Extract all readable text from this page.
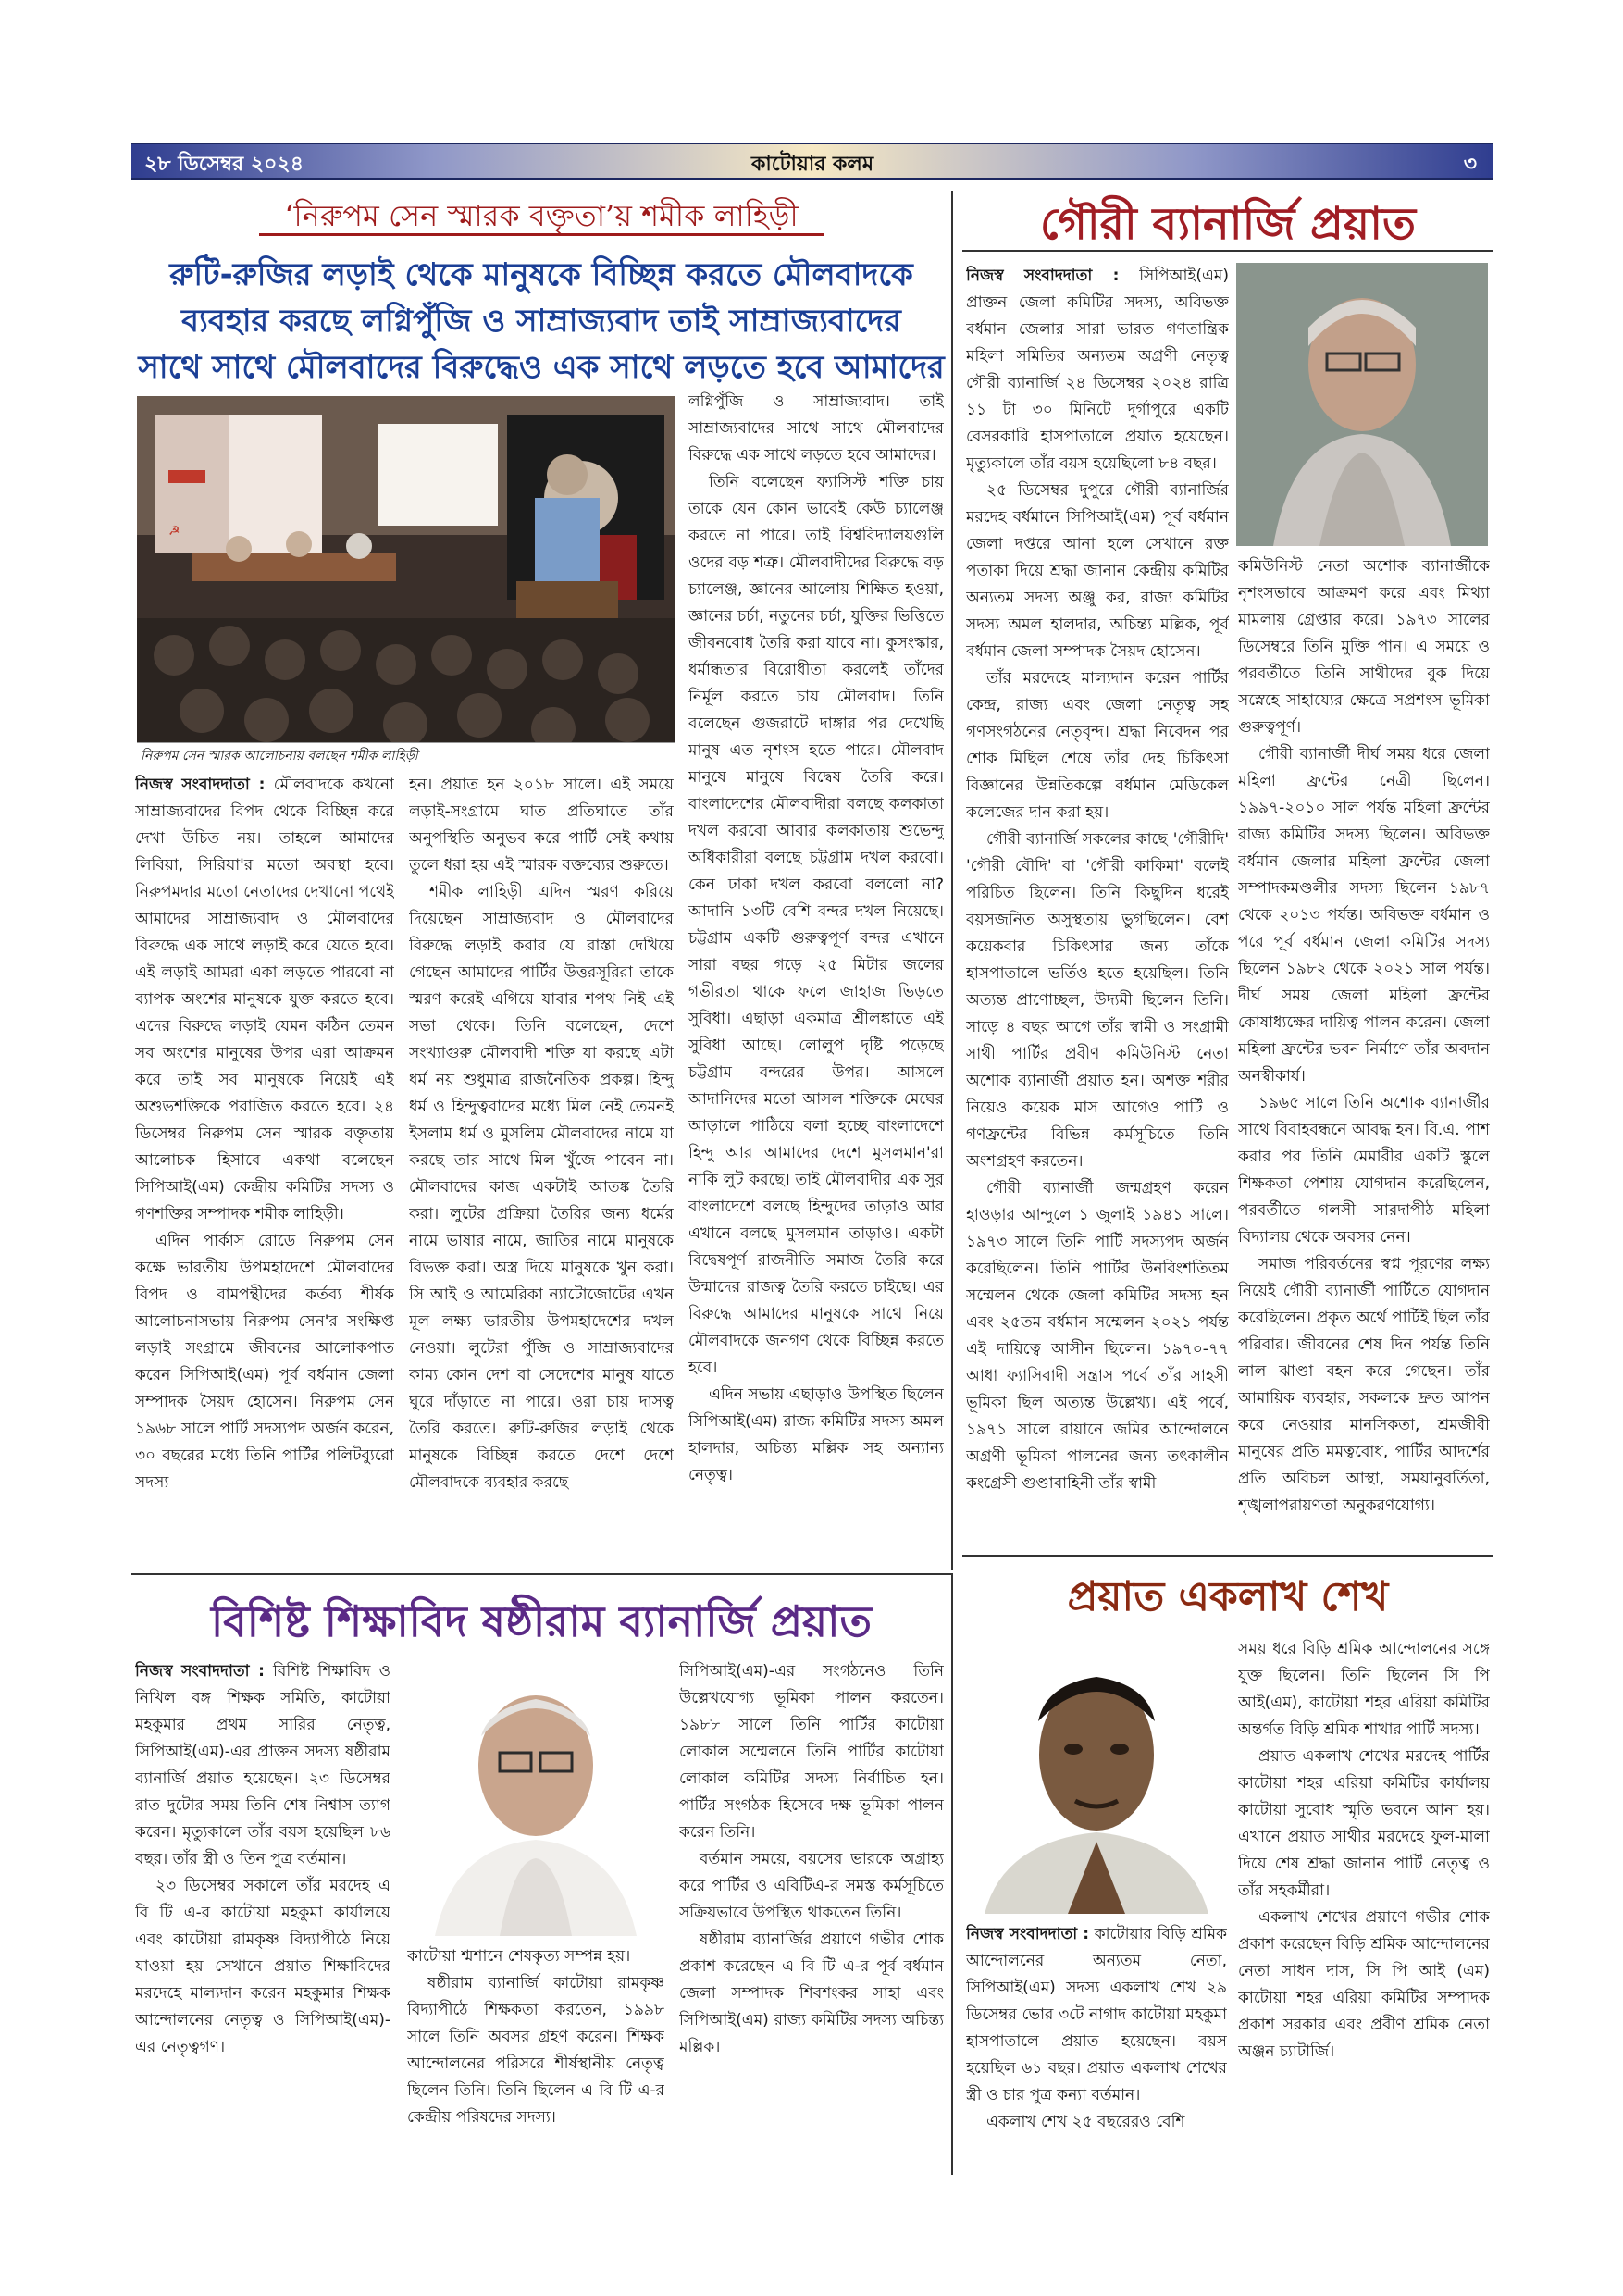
২৮ ডিসেম্বর ২০২৪	কাটোয়ার কলম	৩
‘নিরুপম সেন স্মারক বক্তৃতা’য় শমীক লাহিড়ী
রুটি-রুজির লড়াই থেকে মানুষকে বিচ্ছিন্ন করতে মৌলবাদকে
ব্যবহার করছে লগ্নিপুঁজি ও সাম্রাজ্যবাদ তাই সাম্রাজ্যবাদের
সাথে সাথে মৌলবাদের বিরুদ্ধেও এক সাথে লড়তে হবে আমাদের
☭
নিরুপম সেন স্মারক আলোচনায় বলছেন শমীক লাহিড়ী

নিজস্ব সংবাদদাতা : মৌলবাদকে কখনো সাম্রাজ্যবাদের বিপদ থেকে বিচ্ছিন্ন করে দেখা উচিত নয়। তাহলে আমাদের লিবিয়া, সিরিয়া'র মতো অবস্থা হবে। নিরুপমদার মতো নেতাদের দেখানো পথেই আমাদের সাম্রাজ্যবাদ ও মৌলবাদের বিরুদ্ধে এক সাথে লড়াই করে যেতে হবে। এই লড়াই আমরা একা লড়তে পারবো না ব্যাপক অংশের মানুষকে যুক্ত করতে হবে। এদের বিরুদ্ধে লড়াই যেমন কঠিন তেমন সব অংশের মানুষের উপর এরা আক্রমন করে তাই সব মানুষকে নিয়েই এই অশুভশক্তিকে পরাজিত করতে হবে। ২৪ ডিসেম্বর নিরুপম সেন স্মারক বক্তৃতায় আলোচক হিসাবে একথা বলেছেন সিপিআই(এম) কেন্দ্রীয় কমিটির সদস্য ও গণশক্তির সম্পাদক শমীক লাহিড়ী।

এদিন পার্কাস রোডে নিরুপম সেন কক্ষে ভারতীয় উপমহাদেশে মৌলবাদের বিপদ ও বামপন্থীদের কর্তব্য শীর্ষক আলোচনাসভায় নিরুপম সেন'র সংক্ষিপ্ত লড়াই সংগ্রামে জীবনের আলোকপাত করেন সিপিআই(এম) পূর্ব বর্ধমান জেলা সম্পাদক সৈয়দ হোসেন। নিরুপম সেন ১৯৬৮ সালে পার্টি সদস্যপদ অর্জন করেন, ৩০ বছরের মধ্যে তিনি পার্টির পলিটব্যুরো সদস্য

হন। প্রয়াত হন ২০১৮ সালে। এই সময়ে লড়াই-সংগ্রামে ঘাত প্রতিঘাতে তাঁর অনুপস্থিতি অনুভব করে পার্টি সেই কথায় তুলে ধরা হয় এই স্মারক বক্তব্যের শুরুতে।

শমীক লাহিড়ী এদিন স্মরণ করিয়ে দিয়েছেন সাম্রাজ্যবাদ ও মৌলবাদের বিরুদ্ধে লড়াই করার যে রাস্তা দেখিয়ে গেছেন আমাদের পার্টির উত্তরসূরিরা তাকে স্মরণ করেই এগিয়ে যাবার শপথ নিই এই সভা থেকে। তিনি বলেছেন, দেশে সংখ্যাগুরু মৌলবাদী শক্তি যা করছে এটা ধর্ম নয় শুধুমাত্র রাজনৈতিক প্রকল্প। হিন্দু ধর্ম ও হিন্দুত্ববাদের মধ্যে মিল নেই তেমনই ইসলাম ধর্ম ও মুসলিম মৌলবাদের নামে যা করছে তার সাথে মিল খুঁজে পাবেন না। মৌলবাদের কাজ একটাই আতঙ্ক তৈরি করা। লুটের প্রক্রিয়া তৈরির জন্য ধর্মের নামে ভাষার নামে, জাতির নামে মানুষকে বিভক্ত করা। অস্ত্র দিয়ে মানুষকে খুন করা। সি আই ও আমেরিকা ন্যাটোজোটের এখন মূল লক্ষ্য ভারতীয় উপমহাদেশের দখল নেওয়া। লুটেরা পুঁজি ও সাম্রাজ্যবাদের কাম্য কোন দেশ বা সেদেশের মানুষ যাতে ঘুরে দাঁড়াতে না পারে। ওরা চায় দাসত্ব তৈরি করতে। রুটি-রুজির লড়াই থেকে মানুষকে বিচ্ছিন্ন করতে দেশে দেশে মৌলবাদকে ব্যবহার করছে

লগ্নিপুঁজি ও সাম্রাজ্যবাদ। তাই সাম্রাজ্যবাদের সাথে সাথে মৌলবাদের বিরুদ্ধে এক সাথে লড়তে হবে আমাদের।

তিনি বলেছেন ফ্যাসিস্ট শক্তি চায় তাকে যেন কোন ভাবেই কেউ চ্যালেঞ্জ করতে না পারে। তাই বিশ্ববিদ্যালয়গুলি ওদের বড় শত্রু। মৌলবাদীদের বিরুদ্ধে বড় চ্যালেঞ্জ, জ্ঞানের আলোয় শিক্ষিত হওয়া, জ্ঞানের চর্চা, নতুনের চর্চা, যুক্তির ভিত্তিতে জীবনবোধ তৈরি করা যাবে না। কুসংস্কার, ধর্মান্ধতার বিরোধীতা করলেই তাঁদের নির্মূল করতে চায় মৌলবাদ। তিনি বলেছেন গুজরাটে দাঙ্গার পর দেখেছি মানুষ এত নৃশংস হতে পারে। মৌলবাদ মানুষে মানুষে বিদ্বেষ তৈরি করে। বাংলাদেশের মৌলবাদীরা বলছে কলকাতা দখল করবো আবার কলকাতায় শুভেন্দু অধিকারীরা বলছে চট্টগ্রাম দখল করবো। কেন ঢাকা দখল করবো বললো না? আদানি ১৩টি বেশি বন্দর দখল নিয়েছে। চট্টগ্রাম একটি গুরুত্বপূর্ণ বন্দর এখানে সারা বছর গড়ে ২৫ মিটার জলের গভীরতা থাকে ফলে জাহাজ ভিড়তে সুবিধা। এছাড়া একমাত্র শ্রীলঙ্কাতে এই সুবিধা আছে। লোলুপ দৃষ্টি পড়েছে চট্টগ্রাম বন্দরের উপর। আসলে আদানিদের মতো আসল শক্তিকে মেঘের আড়ালে পাঠিয়ে বলা হচ্ছে বাংলাদেশে হিন্দু আর আমাদের দেশে মুসলমান'রা নাকি লুট করছে। তাই মৌলবাদীর এক সুর বাংলাদেশে বলছে হিন্দুদের তাড়াও আর এখানে বলছে মুসলমান তাড়াও। একটা বিদ্বেষপূর্ণ রাজনীতি সমাজ তৈরি করে উন্মাদের রাজত্ব তৈরি করতে চাইছে। এর বিরুদ্ধে আমাদের মানুষকে সাথে নিয়ে মৌলবাদকে জনগণ থেকে বিচ্ছিন্ন করতে হবে।

এদিন সভায় এছাড়াও উপস্থিত ছিলেন সিপিআই(এম) রাজ্য কমিটির সদস্য অমল হালদার, অচিন্ত্য মল্লিক সহ অন্যান্য নেতৃত্ব।

গৌরী ব্যানার্জি প্রয়াত

নিজস্ব সংবাদদাতা : সিপিআই(এম) প্রাক্তন জেলা কমিটির সদস্য, অবিভক্ত বর্ধমান জেলার সারা ভারত গণতান্ত্রিক মহিলা সমিতির অন্যতম অগ্রণী নেতৃত্ব গৌরী ব্যানার্জি ২৪ ডিসেম্বর ২০২৪ রাত্রি ১১ টা ৩০ মিনিটে দুর্গাপুরে একটি বেসরকারি হাসপাতালে প্রয়াত হয়েছেন। মৃত্যুকালে তাঁর বয়স হয়েছিলো ৮৪ বছর।

২৫ ডিসেম্বর দুপুরে গৌরী ব্যানার্জির মরদেহ বর্ধমানে সিপিআই(এম) পূর্ব বর্ধমান জেলা দপ্তরে আনা হলে সেখানে রক্ত পতাকা দিয়ে শ্রদ্ধা জানান কেন্দ্রীয় কমিটির অন্যতম সদস্য অঞ্জু কর, রাজ্য কমিটির সদস্য অমল হালদার, অচিন্ত্য মল্লিক, পূর্ব বর্ধমান জেলা সম্পাদক সৈয়দ হোসেন।

তাঁর মরদেহে মাল্যদান করেন পার্টির কেন্দ্র, রাজ্য এবং জেলা নেতৃত্ব সহ গণসংগঠনের নেতৃবৃন্দ। শ্রদ্ধা নিবেদন পর শোক মিছিল শেষে তাঁর দেহ চিকিৎসা বিজ্ঞানের উন্নতিকল্পে বর্ধমান মেডিকেল কলেজের দান করা হয়।

গৌরী ব্যানার্জি সকলের কাছে 'গৌরীদি' 'গৌরী বৌদি' বা 'গৌরী কাকিমা' বলেই পরিচিত ছিলেন। তিনি কিছুদিন ধরেই বয়সজনিত অসুস্থতায় ভুগছিলেন। বেশ কয়েকবার চিকিৎসার জন্য তাঁকে হাসপাতালে ভর্তিও হতে হয়েছিল। তিনি অত্যন্ত প্রাণোচ্ছল, উদ্যমী ছিলেন তিনি। সাড়ে ৪ বছর আগে তাঁর স্বামী ও সংগ্রামী সাথী পার্টির প্রবীণ কমিউনিস্ট নেতা অশোক ব্যানার্জী প্রয়াত হন। অশক্ত শরীর নিয়েও কয়েক মাস আগেও পার্টি ও গণফ্রন্টের বিভিন্ন কর্মসূচিতে তিনি অংশগ্রহণ করতেন।

গৌরী ব্যানার্জী জন্মগ্রহণ করেন হাওড়ার আন্দুলে ১ জুলাই ১৯৪১ সালে। ১৯৭৩ সালে তিনি পার্টি সদস্যপদ অর্জন করেছিলেন। তিনি পার্টির উনবিংশতিতম সম্মেলন থেকে জেলা কমিটির সদস্য হন এবং ২৫তম বর্ধমান সম্মেলন ২০২১ পর্যন্ত এই দায়িত্বে আসীন ছিলেন। ১৯৭০-৭৭ আধা ফ্যাসিবাদী সন্ত্রাস পর্বে তাঁর সাহসী ভূমিকা ছিল অত্যন্ত উল্লেখ্য। এই পর্বে, ১৯৭১ সালে রায়ানে জমির আন্দোলনে অগ্রণী ভূমিকা পালনের জন্য তৎকালীন কংগ্রেসী গুণ্ডাবাহিনী তাঁর স্বামী

কমিউনিস্ট নেতা অশোক ব্যানার্জীকে নৃশংসভাবে আক্রমণ করে এবং মিথ্যা মামলায় গ্রেপ্তার করে। ১৯৭৩ সালের ডিসেম্বরে তিনি মুক্তি পান। এ সময়ে ও পরবর্তীতে তিনি সাথীদের বুক দিয়ে সস্নেহে সাহায্যের ক্ষেত্রে সপ্রশংস ভূমিকা গুরুত্বপূর্ণ।

গৌরী ব্যানার্জী দীর্ঘ সময় ধরে জেলা মহিলা ফ্রন্টের নেত্রী ছিলেন। ১৯৯৭-২০১০ সাল পর্যন্ত মহিলা ফ্রন্টের রাজ্য কমিটির সদস্য ছিলেন। অবিভক্ত বর্ধমান জেলার মহিলা ফ্রন্টের জেলা সম্পাদকমণ্ডলীর সদস্য ছিলেন ১৯৮৭ থেকে ২০১৩ পর্যন্ত। অবিভক্ত বর্ধমান ও পরে পূর্ব বর্ধমান জেলা কমিটির সদস্য ছিলেন ১৯৮২ থেকে ২০২১ সাল পর্যন্ত। দীর্ঘ সময় জেলা মহিলা ফ্রন্টের কোষাধ্যক্ষের দায়িত্ব পালন করেন। জেলা মহিলা ফ্রন্টের ভবন নির্মাণে তাঁর অবদান অনস্বীকার্য।

১৯৬৫ সালে তিনি অশোক ব্যানার্জীর সাথে বিবাহবন্ধনে আবদ্ধ হন। বি.এ. পাশ করার পর তিনি মেমারীর একটি স্কুলে শিক্ষকতা পেশায় যোগদান করেছিলেন, পরবর্তীতে গলসী সারদাপীঠ মহিলা বিদ্যালয় থেকে অবসর নেন।

সমাজ পরিবর্তনের স্বপ্ন পূরণের লক্ষ্য নিয়েই গৌরী ব্যানার্জী পার্টিতে যোগদান করেছিলেন। প্রকৃত অর্থে পার্টিই ছিল তাঁর পরিবার। জীবনের শেষ দিন পর্যন্ত তিনি লাল ঝাণ্ডা বহন করে গেছেন। তাঁর আমায়িক ব্যবহার, সকলকে দ্রুত আপন করে নেওয়ার মানসিকতা, শ্রমজীবী মানুষের প্রতি মমত্ববোধ, পার্টির আদর্শের প্রতি অবিচল আস্থা, সময়ানুবর্তিতা, শৃঙ্খলাপরায়ণতা অনুকরণযোগ্য।

বিশিষ্ট শিক্ষাবিদ ষষ্ঠীরাম ব্যানার্জি প্রয়াত

নিজস্ব সংবাদদাতা : বিশিষ্ট শিক্ষাবিদ ও নিখিল বঙ্গ শিক্ষক সমিতি, কাটোয়া মহকুমার প্রথম সারির নেতৃত্ব, সিপিআই(এম)-এর প্রাক্তন সদস্য ষষ্ঠীরাম ব্যানার্জি প্রয়াত হয়েছেন। ২৩ ডিসেম্বর রাত দুটোর সময় তিনি শেষ নিশ্বাস ত্যাগ করেন। মৃত্যুকালে তাঁর বয়স হয়েছিল ৮৬ বছর। তাঁর স্ত্রী ও তিন পুত্র বর্তমান।

২৩ ডিসেম্বর সকালে তাঁর মরদেহ এ বি টি এ-র কাটোয়া মহকুমা কার্যালয়ে এবং কাটোয়া রামকৃষ্ণ বিদ্যাপীঠে নিয়ে যাওয়া হয় সেখানে প্রয়াত শিক্ষাবিদের মরদেহে মাল্যদান করেন মহকুমার শিক্ষক আন্দোলনের নেতৃত্ব ও সিপিআই(এম)-এর নেতৃত্বগণ।

কাটোয়া শ্মশানে শেষকৃত্য সম্পন্ন হয়।

ষষ্ঠীরাম ব্যানার্জি কাটোয়া রামকৃষ্ণ বিদ্যাপীঠে শিক্ষকতা করতেন, ১৯৯৮ সালে তিনি অবসর গ্রহণ করেন। শিক্ষক আন্দোলনের পরিসরে শীর্ষস্থানীয় নেতৃত্ব ছিলেন তিনি। তিনি ছিলেন এ বি টি এ-র কেন্দ্রীয় পরিষদের সদস্য।

সিপিআই(এম)-এর সংগঠনেও তিনি উল্লেখযোগ্য ভূমিকা পালন করতেন। ১৯৮৮ সালে তিনি পার্টির কাটোয়া লোকাল সম্মেলনে তিনি পার্টির কাটোয়া লোকাল কমিটির সদস্য নির্বাচিত হন। পার্টির সংগঠক হিসেবে দক্ষ ভূমিকা পালন করেন তিনি।

বর্তমান সময়ে, বয়সের ভারকে অগ্রাহ্য করে পার্টির ও এবিটিএ-র সমস্ত কর্মসূচিতে সক্রিয়ভাবে উপস্থিত থাকতেন তিনি।

ষষ্ঠীরাম ব্যানার্জির প্রয়াণে গভীর শোক প্রকাশ করেছেন এ বি টি এ-র পূর্ব বর্ধমান জেলা সম্পাদক শিবশংকর সাহা এবং সিপিআই(এম) রাজ্য কমিটির সদস্য অচিন্ত্য মল্লিক।

প্রয়াত একলাখ শেখ

নিজস্ব সংবাদদাতা : কাটোয়ার বিড়ি শ্রমিক আন্দোলনের অন্যতম নেতা, সিপিআই(এম) সদস্য একলাখ শেখ ২৯ ডিসেম্বর ভোর ৩টে নাগাদ কাটোয়া মহকুমা হাসপাতালে প্রয়াত হয়েছেন। বয়স হয়েছিল ৬১ বছর। প্রয়াত একলাখ শেখের স্ত্রী ও চার পুত্র কন্যা বর্তমান।

একলাখ শেখ ২৫ বছরেরও বেশি

সময় ধরে বিড়ি শ্রমিক আন্দোলনের সঙ্গে যুক্ত ছিলেন। তিনি ছিলেন সি পি আই(এম), কাটোয়া শহর এরিয়া কমিটির অন্তর্গত বিড়ি শ্রমিক শাখার পার্টি সদস্য।

প্রয়াত একলাখ শেখের মরদেহ পার্টির কাটোয়া শহর এরিয়া কমিটির কার্যালয় কাটোয়া সুবোধ স্মৃতি ভবনে আনা হয়। এখানে প্রয়াত সাথীর মরদেহে ফুল-মালা দিয়ে শেষ শ্রদ্ধা জানান পার্টি নেতৃত্ব ও তাঁর সহকর্মীরা।

একলাখ শেখের প্রয়াণে গভীর শোক প্রকাশ করেছেন বিড়ি শ্রমিক আন্দোলনের নেতা সাধন দাস, সি পি আই (এম) কাটোয়া শহর এরিয়া কমিটির সম্পাদক প্রকাশ সরকার এবং প্রবীণ শ্রমিক নেতা অঞ্জন চ্যাটার্জি।
